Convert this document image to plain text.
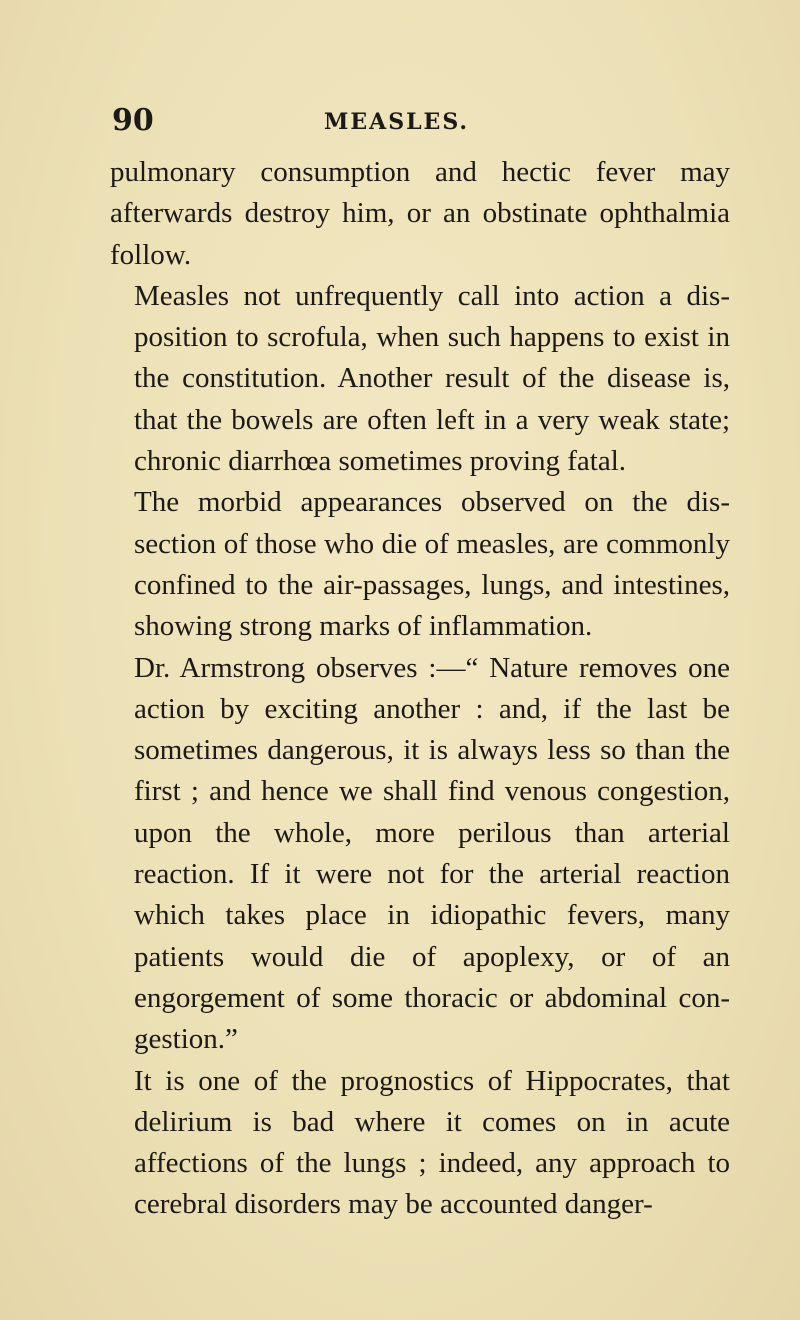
90	MEASLES.

pulmonary consumption and hectic fever may afterwards destroy him, or an obstinate ophthalmia follow.

Measles not unfrequently call into action a disposition to scrofula, when such happens to exist in the constitution. Another result of the disease is, that the bowels are often left in a very weak state; chronic diarrhœa sometimes proving fatal.

The morbid appearances observed on the dissection of those who die of measles, are commonly confined to the air-passages, lungs, and intestines, showing strong marks of inflammation.

Dr. Armstrong observes :—“ Nature removes one action by exciting another : and, if the last be sometimes dangerous, it is always less so than the first ; and hence we shall find venous congestion, upon the whole, more perilous than arterial reaction. If it were not for the arterial reaction which takes place in idiopathic fevers, many patients would die of apoplexy, or of an engorgement of some thoracic or abdominal congestion.”

It is one of the prognostics of Hippocrates, that delirium is bad where it comes on in acute affections of the lungs ; indeed, any approach to cerebral disorders may be accounted danger-
